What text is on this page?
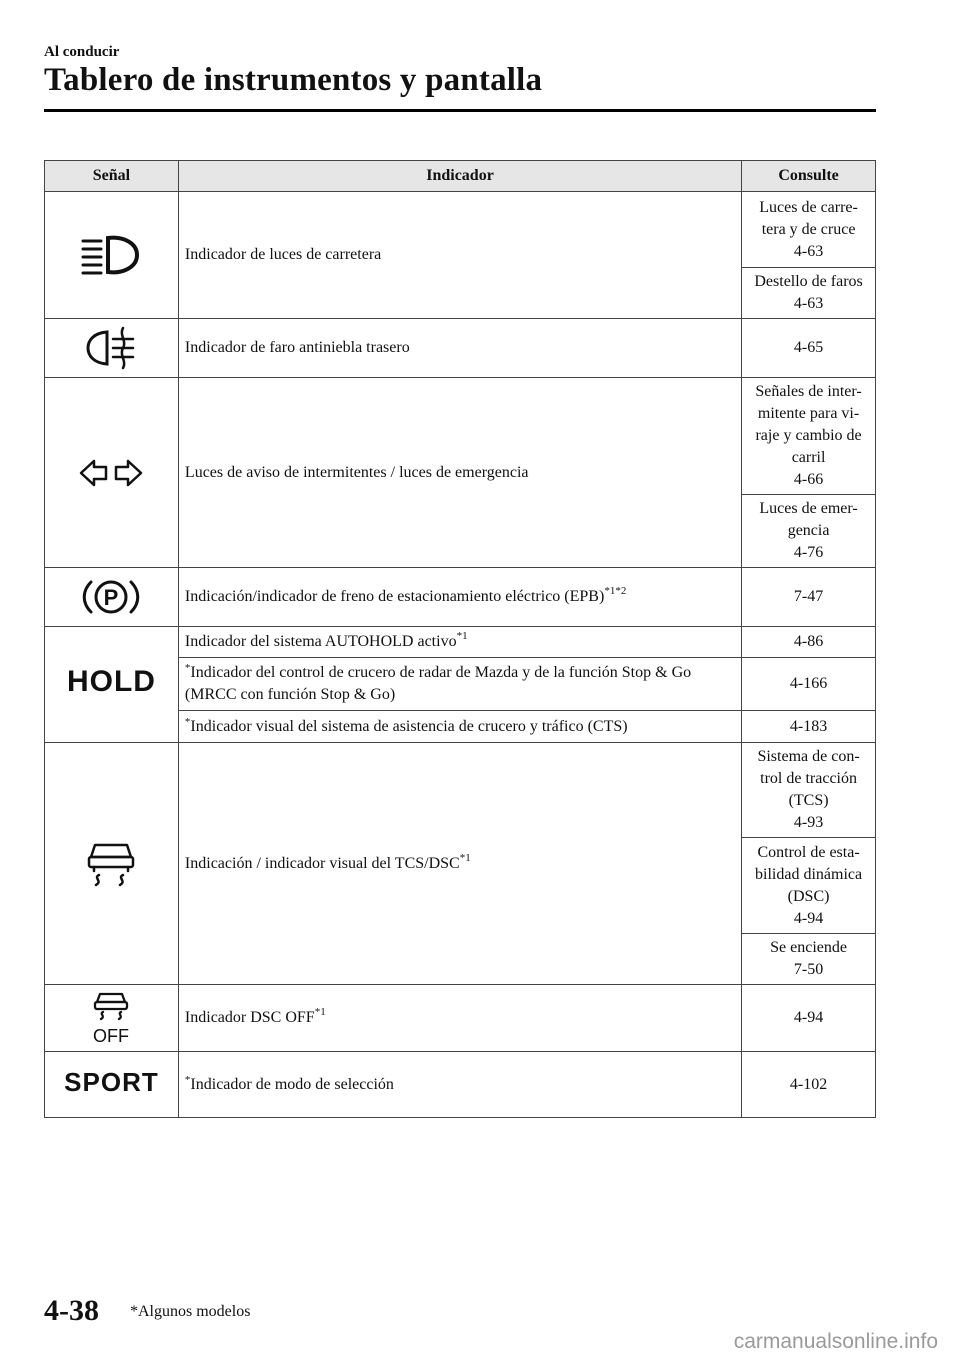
Al conducir
Tablero de instrumentos y pantalla
Señal	Indicador	Consulte
	Indicador de luces de carretera	Luces de carre-
tera y de cruce
4-63

		Destello de faros
4-63

	Indicador de faro antiniebla trasero	4-65

	Luces de aviso de intermitentes / luces de emergencia	Señales de inter-
mitente para vi-
raje y cambio de
carril
4-66

		Luces de emer-
gencia
4-76

P	Indicación/indicador de freno de estacionamiento eléctrico (EPB)$^{*1*2}$	7-47

HOLD	Indicador del sistema AUTOHOLD activo$^{*1}$	4-86

	*Indicador del control de crucero de radar de Mazda y de la función Stop & Go (MRCC con función Stop & Go)	4-166

	*Indicador visual del sistema de asistencia de crucero y tráfico (CTS)	4-183

	Indicación / indicador visual del TCS/DSC$^{*1}$	Sistema de con-
trol de tracción
(TCS)
4-93

		Control de esta-
bilidad dinámica
(DSC)
4-94

		Se enciende
7-50

OFF	Indicador DSC OFF$^{*1}$	4-94

SPORT	*Indicador de modo de selección	4-102
4-38 *Algunos modelos
carmanualsonline.info
